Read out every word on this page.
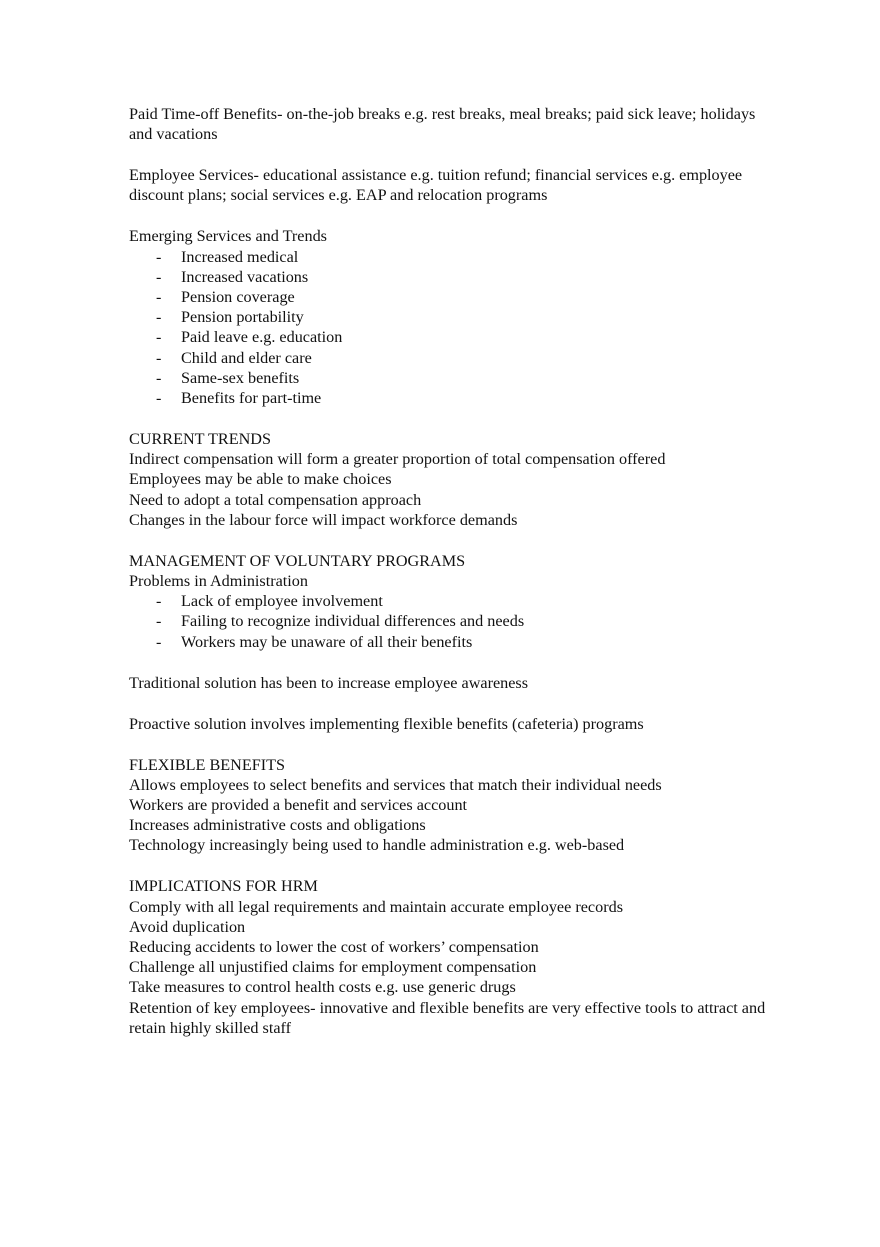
Paid Time-off Benefits- on-the-job breaks e.g. rest breaks, meal breaks; paid sick leave; holidays and vacations

Employee Services- educational assistance e.g. tuition refund; financial services e.g. employee discount plans; social services e.g. EAP and relocation programs

Emerging Services and Trends

- Increased medical
- Increased vacations
- Pension coverage
- Pension portability
- Paid leave e.g. education
- Child and elder care
- Same-sex benefits
- Benefits for part-time

CURRENT TRENDS

Indirect compensation will form a greater proportion of total compensation offered

Employees may be able to make choices

Need to adopt a total compensation approach

Changes in the labour force will impact workforce demands

MANAGEMENT OF VOLUNTARY PROGRAMS

Problems in Administration

- Lack of employee involvement
- Failing to recognize individual differences and needs
- Workers may be unaware of all their benefits

Traditional solution has been to increase employee awareness

Proactive solution involves implementing flexible benefits (cafeteria) programs

FLEXIBLE BENEFITS

Allows employees to select benefits and services that match their individual needs

Workers are provided a benefit and services account

Increases administrative costs and obligations

Technology increasingly being used to handle administration e.g. web-based

IMPLICATIONS FOR HRM

Comply with all legal requirements and maintain accurate employee records

Avoid duplication

Reducing accidents to lower the cost of workers’ compensation

Challenge all unjustified claims for employment compensation

Take measures to control health costs e.g. use generic drugs

Retention of key employees- innovative and flexible benefits are very effective tools to attract and retain highly skilled staff
